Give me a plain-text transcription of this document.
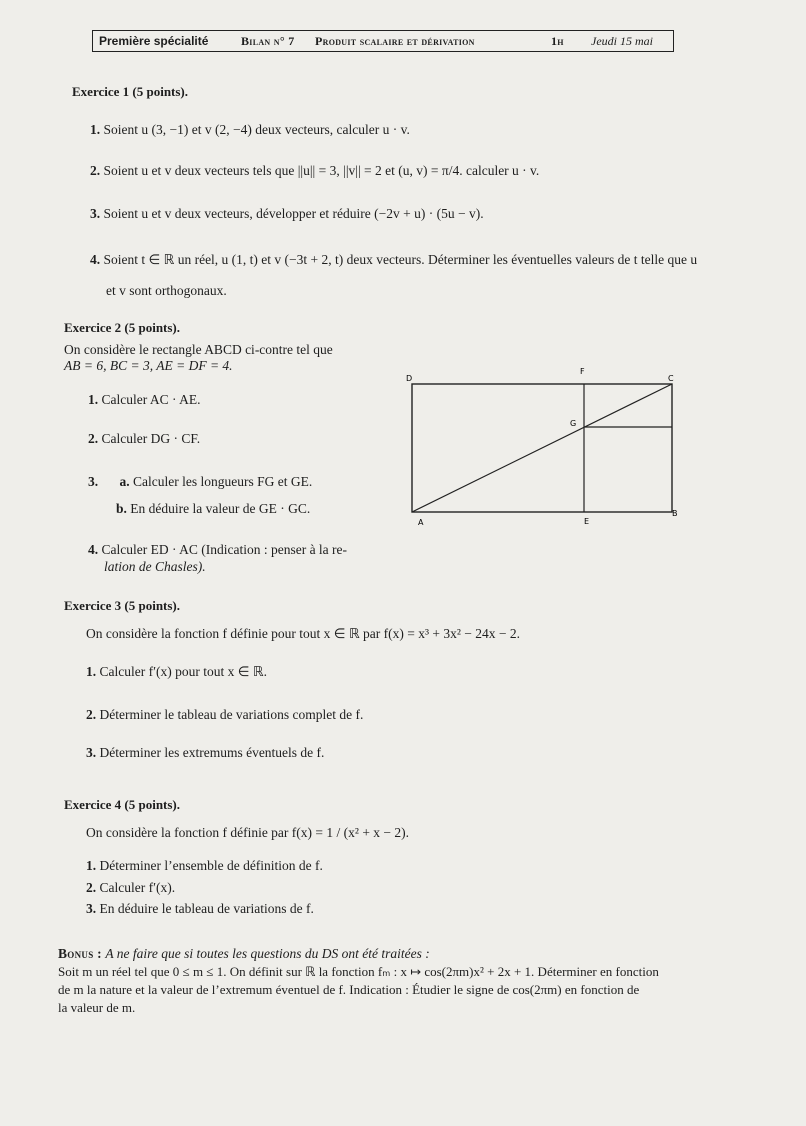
Première spécialité	Bilan n° 7 Produit scalaire et dérivation	1h Jeudi 15 mai
Exercice 1 (5 points).
1. Soient u (3, −1) et v (2, −4) deux vecteurs, calculer u · v.
2. Soient u et v deux vecteurs tels que ||u|| = 3, ||v|| = 2 et (u, v) = π/4. calculer u · v.
3. Soient u et v deux vecteurs, développer et réduire (−2v + u) · (5u − v).
4. Soient t ∈ ℝ un réel, u (1, t) et v (−3t + 2, t) deux vecteurs. Déterminer les éventuelles valeurs de t telle que u
et v sont orthogonaux.
Exercice 2 (5 points).
On considère le rectangle ABCD ci-contre tel que
AB = 6, BC = 3, AE = DF = 4.
1. Calculer AC · AE.
2. Calculer DG · CF.
3. a. Calculer les longueurs FG et GE.
b. En déduire la valeur de GE · GC.
4. Calculer ED · AC (Indication : penser à la re-
lation de Chasles).
D
F
C
G
A	E
B
Exercice 3 (5 points).
On considère la fonction f définie pour tout x ∈ ℝ par f(x) = x³ + 3x² − 24x − 2.
1. Calculer f′(x) pour tout x ∈ ℝ.
2. Déterminer le tableau de variations complet de f.
3. Déterminer les extremums éventuels de f.
Exercice 4 (5 points).
On considère la fonction f définie par f(x) = 1 / (x² + x − 2).
1. Déterminer l’ensemble de définition de f.
2. Calculer f′(x).
3. En déduire le tableau de variations de f.
Bonus : A ne faire que si toutes les questions du DS ont été traitées :
Soit m un réel tel que 0 ≤ m ≤ 1. On définit sur ℝ la fonction fₘ : x ↦ cos(2πm)x² + 2x + 1. Déterminer en fonction
de m la nature et la valeur de l’extremum éventuel de f. Indication : Étudier le signe de cos(2πm) en fonction de
la valeur de m.
